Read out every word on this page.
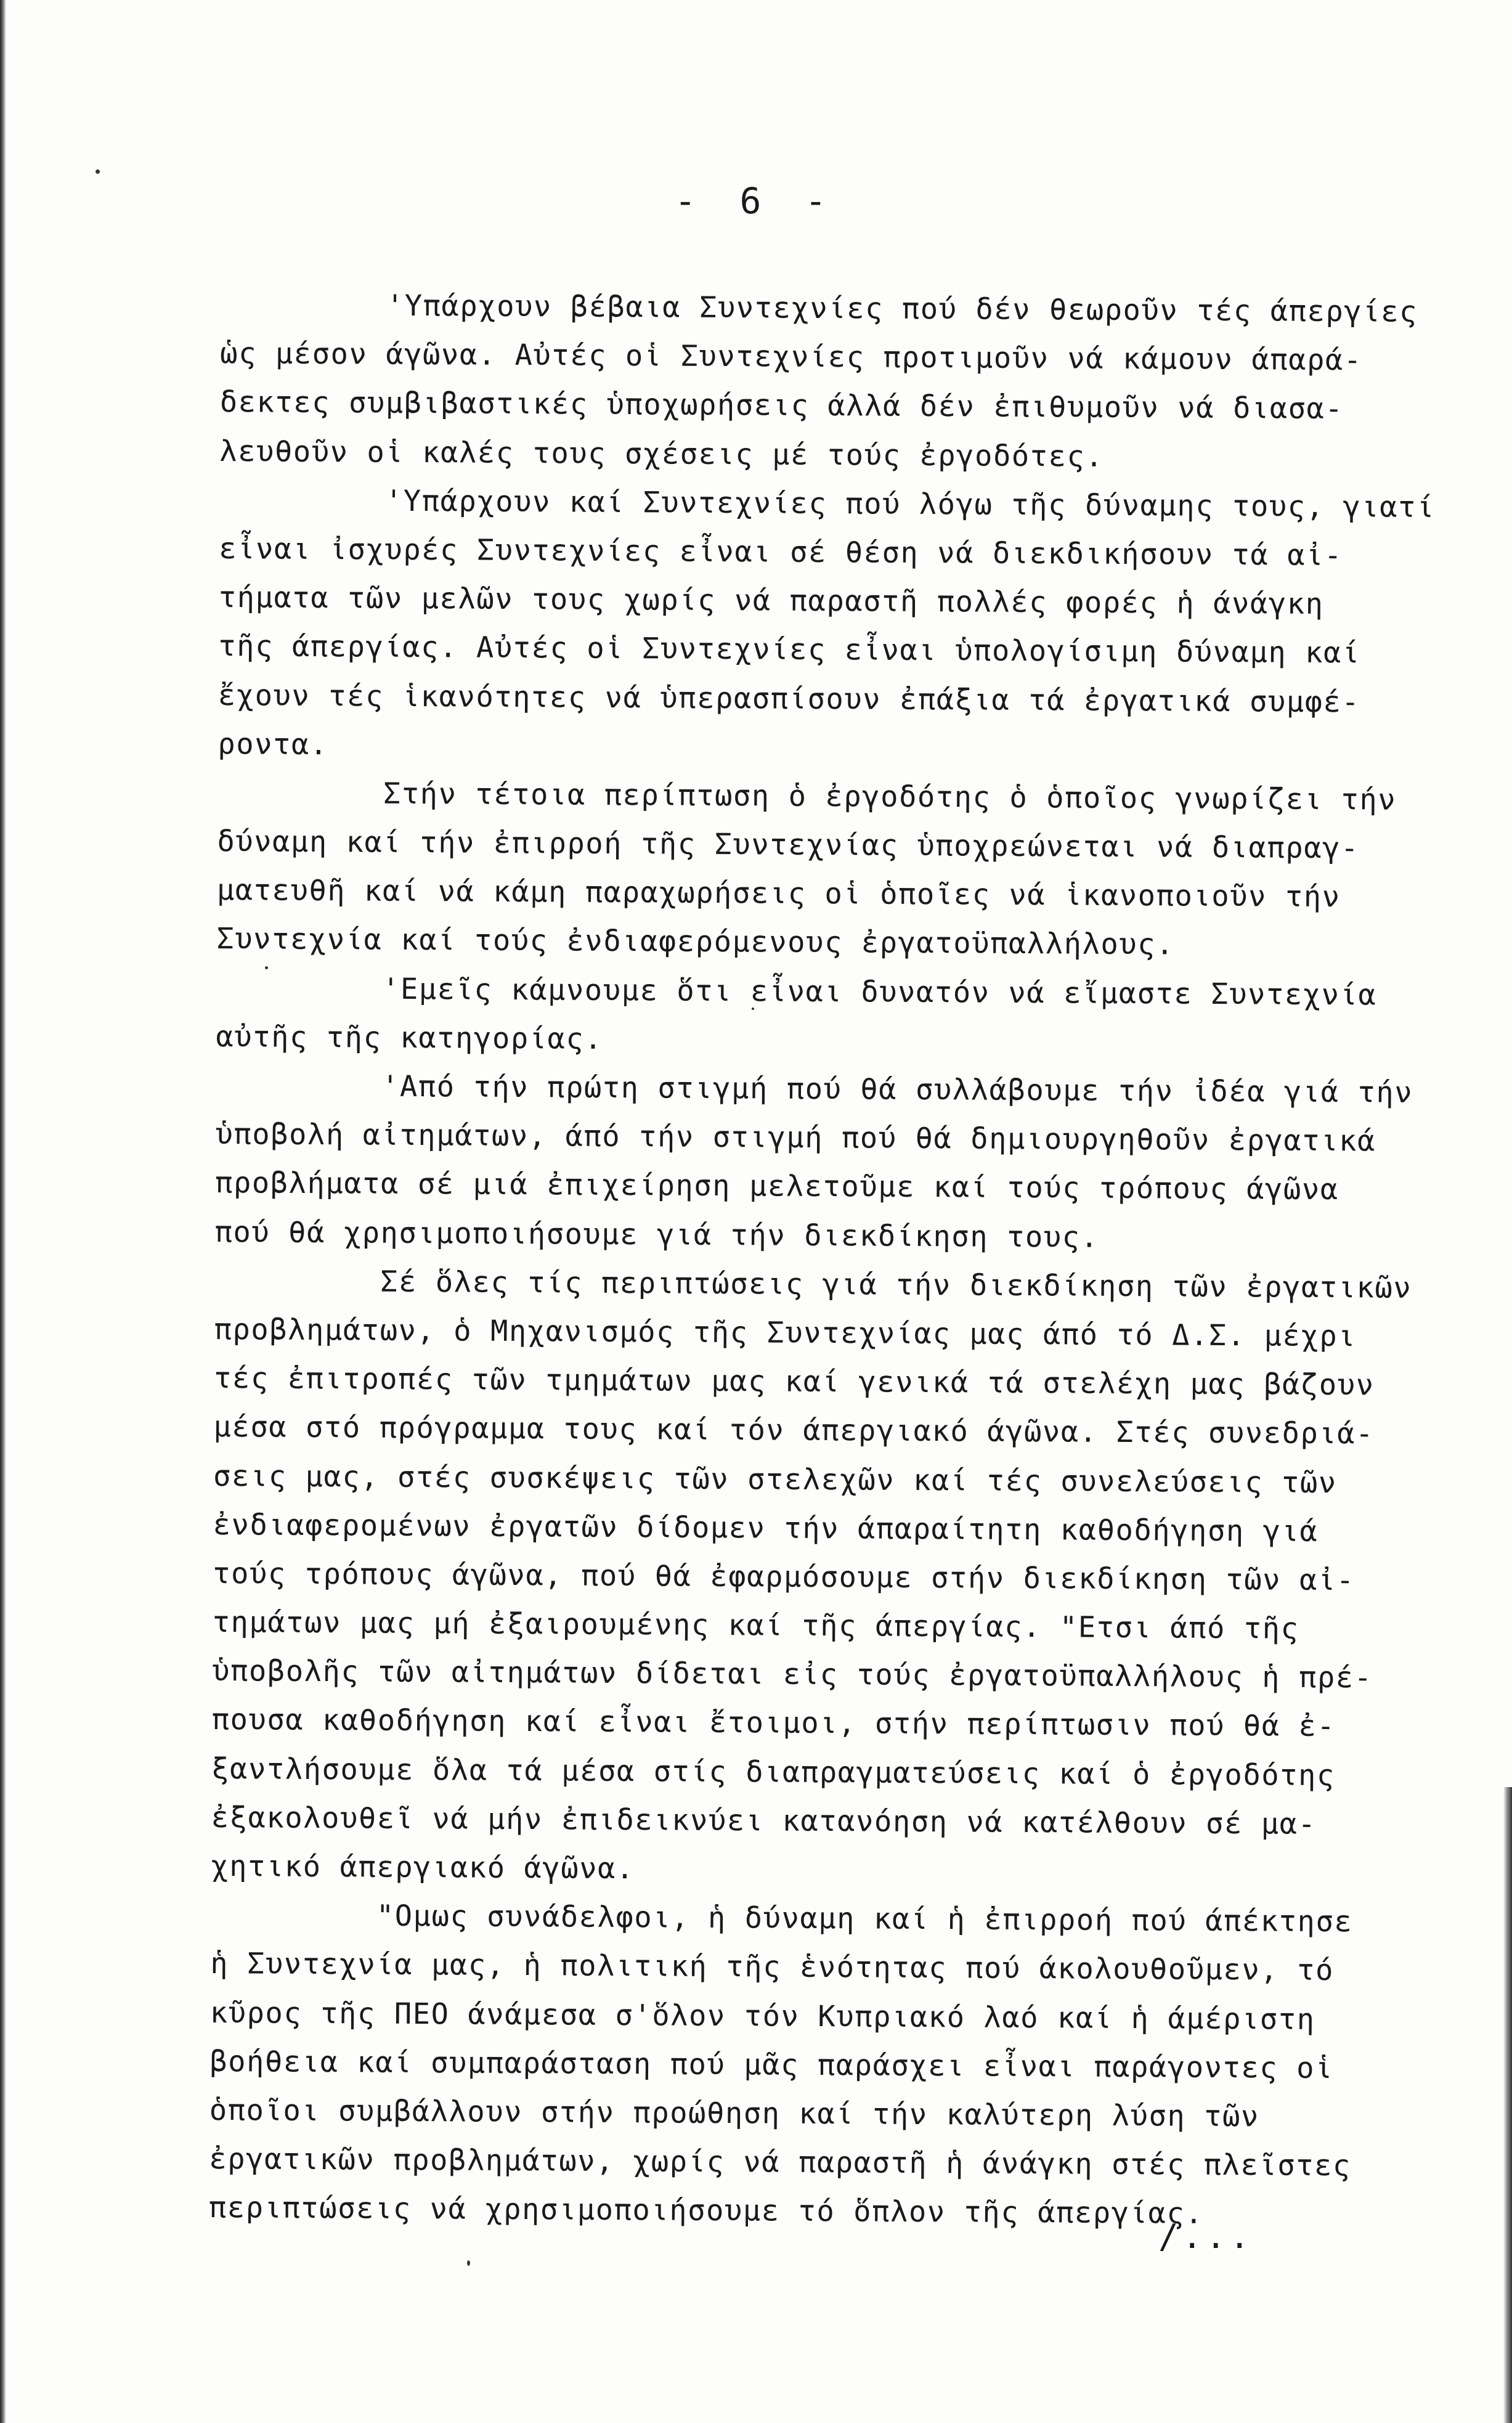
- 6 -
'Υπάρχουν βέβαια Συντεχνίες πού δέν θεωροῦν τές άπεργίες
ὡς μέσον άγῶνα. Αὐτές οἱ Συντεχνίες προτιμοῦν νά κάμουν άπαρά-
δεκτες συμβιβαστικές ὑποχωρήσεις άλλά δέν ἐπιθυμοῦν νά διασα-
λευθοῦν οἱ καλές τους σχέσεις μέ τούς ἐργοδότες.
'Υπάρχουν καί Συντεχνίες πού λόγω τῆς δύναμης τους, γιατί
εἶναι ἰσχυρές Συντεχνίες εἶναι σέ θέση νά διεκδικήσουν τά αἰ-
τήματα τῶν μελῶν τους χωρίς νά παραστῆ πολλές φορές ἡ άνάγκη
τῆς άπεργίας. Αὐτές οἱ Συντεχνίες εἶναι ὑπολογίσιμη δύναμη καί
ἔχουν τές ἱκανότητες νά ὑπερασπίσουν ἐπάξια τά ἐργατικά συμφέ-
ροντα.
Στήν τέτοια περίπτωση ὁ ἐργοδότης ὁ ὁποῖος γνωρίζει τήν
δύναμη καί τήν ἐπιρροή τῆς Συντεχνίας ὑποχρεώνεται νά διαπραγ-
ματευθῆ καί νά κάμη παραχωρήσεις οἱ ὁποῖες νά ἱκανοποιοῦν τήν
Συντεχνία καί τούς ἐνδιαφερόμενους ἐργατοϋπαλλήλους.
'Εμεῖς κάμνουμε ὅτι εἶναι δυνατόν νά εἴμαστε Συντεχνία
αὐτῆς τῆς κατηγορίας.
'Από τήν πρώτη στιγμή πού θά συλλάβουμε τήν ἰδέα γιά τήν
ὑποβολή αἰτημάτων, άπό τήν στιγμή πού θά δημιουργηθοῦν ἐργατικά
προβλήματα σέ μιά ἐπιχείρηση μελετοῦμε καί τούς τρόπους άγῶνα
πού θά χρησιμοποιήσουμε γιά τήν διεκδίκηση τους.
Σέ ὅλες τίς περιπτώσεις γιά τήν διεκδίκηση τῶν ἐργατικῶν
προβλημάτων, ὁ Μηχανισμός τῆς Συντεχνίας μας άπό τό Δ.Σ. μέχρι
τές ἐπιτροπές τῶν τμημάτων μας καί γενικά τά στελέχη μας βάζουν
μέσα στό πρόγραμμα τους καί τόν άπεργιακό άγῶνα. Στές συνεδριά-
σεις μας, στές συσκέψεις τῶν στελεχῶν καί τές συνελεύσεις τῶν
ἐνδιαφερομένων ἐργατῶν δίδομεν τήν άπαραίτητη καθοδήγηση γιά
τούς τρόπους άγῶνα, πού θά ἐφαρμόσουμε στήν διεκδίκηση τῶν αἰ-
τημάτων μας μή ἐξαιρουμένης καί τῆς άπεργίας. "Ετσι άπό τῆς
ὑποβολῆς τῶν αἰτημάτων δίδεται εἰς τούς ἐργατοϋπαλλήλους ἡ πρέ-
πουσα καθοδήγηση καί εἶναι ἔτοιμοι, στήν περίπτωσιν πού θά ἐ-
ξαντλήσουμε ὅλα τά μέσα στίς διαπραγματεύσεις καί ὁ ἐργοδότης
ἐξακολουθεῖ νά μήν ἐπιδεικνύει κατανόηση νά κατέλθουν σέ μα-
χητικό άπεργιακό άγῶνα.
"Ομως συνάδελφοι, ἡ δύναμη καί ἡ ἐπιρροή πού άπέκτησε
ἡ Συντεχνία μας, ἡ πολιτική τῆς ἑνότητας πού άκολουθοῦμεν, τό
κῦρος τῆς ΠΕΟ άνάμεσα σ'ὅλον τόν Κυπριακό λαό καί ἡ άμέριστη
βοήθεια καί συμπαράσταση πού μᾶς παράσχει εἶναι παράγοντες οἱ
ὁποῖοι συμβάλλουν στήν προώθηση καί τήν καλύτερη λύση τῶν
ἐργατικῶν προβλημάτων, χωρίς νά παραστῆ ἡ άνάγκη στές πλεῖστες
περιπτώσεις νά χρησιμοποιήσουμε τό ὅπλον τῆς άπεργίας.
/...
